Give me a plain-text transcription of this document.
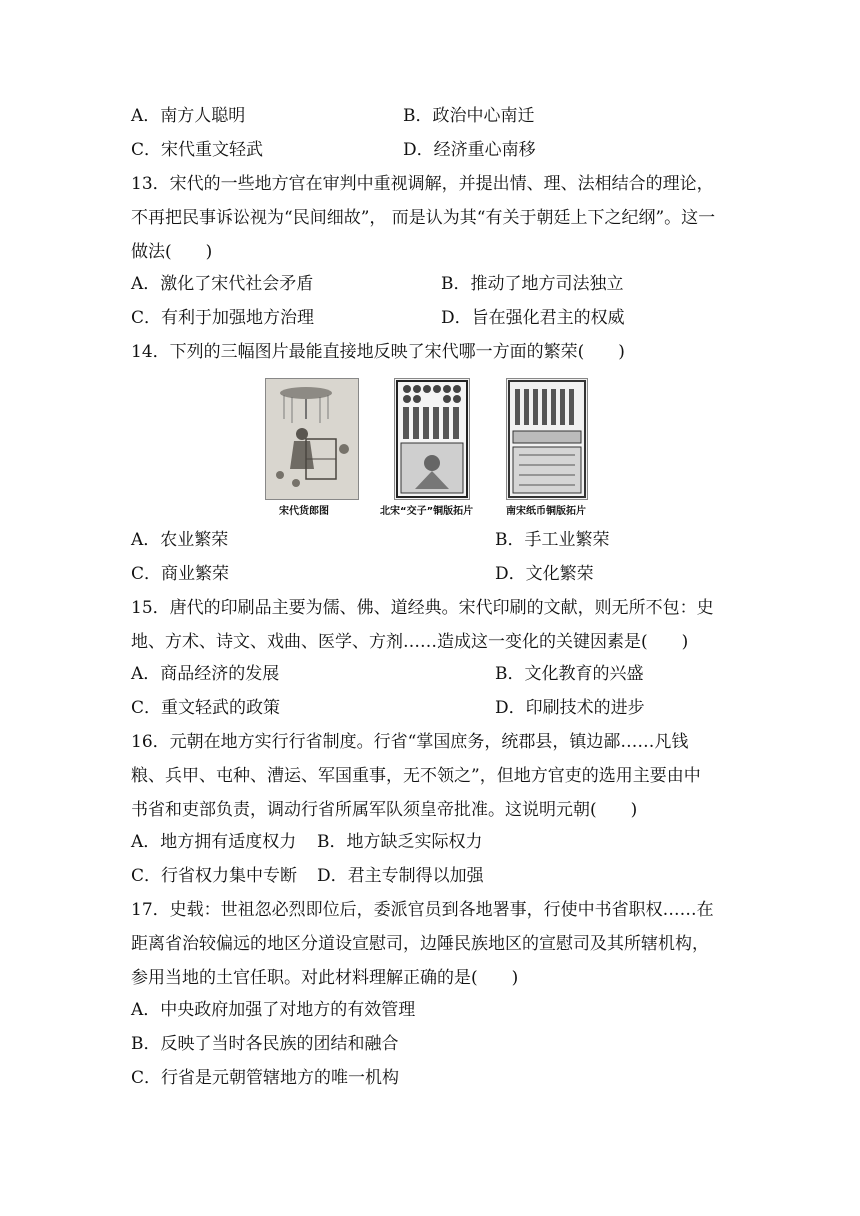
A．南方人聪明	B．政治中心南迁
C．宋代重文轻武	D．经济重心南移
13．宋代的一些地方官在审判中重视调解，并提出情、理、法相结合的理论，
不再把民事诉讼视为“民间细故”， 而是认为其“有关于朝廷上下之纪纲”。这一
做法(　　)
A．激化了宋代社会矛盾	B．推动了地方司法独立
C．有利于加强地方治理	D．旨在强化君主的权威
14．下列的三幅图片最能直接地反映了宋代哪一方面的繁荣(　　)
宋代货郎图	北宋“交子”铜版拓片	南宋纸币铜版拓片
A．农业繁荣	B．手工业繁荣
C．商业繁荣	D．文化繁荣
15．唐代的印刷品主要为儒、佛、道经典。宋代印刷的文献，则无所不包：史
地、方术、诗文、戏曲、医学、方剂……造成这一变化的关键因素是(　　)
A．商品经济的发展	B．文化教育的兴盛
C．重文轻武的政策	D．印刷技术的进步
16．元朝在地方实行行省制度。行省“掌国庶务，统郡县，镇边鄙……凡钱
粮、兵甲、屯种、漕运、军国重事，无不领之”，但地方官吏的选用主要由中
书省和吏部负责，调动行省所属军队须皇帝批准。这说明元朝(　　)
A．地方拥有适度权力 B．地方缺乏实际权力
C．行省权力集中专断 D．君主专制得以加强
17．史载：世祖忽必烈即位后，委派官员到各地署事，行使中书省职权……在
距离省治较偏远的地区分道设宣慰司，边陲民族地区的宣慰司及其所辖机构，
参用当地的土官任职。对此材料理解正确的是(　　)
A．中央政府加强了对地方的有效管理
B．反映了当时各民族的团结和融合
C．行省是元朝管辖地方的唯一机构
